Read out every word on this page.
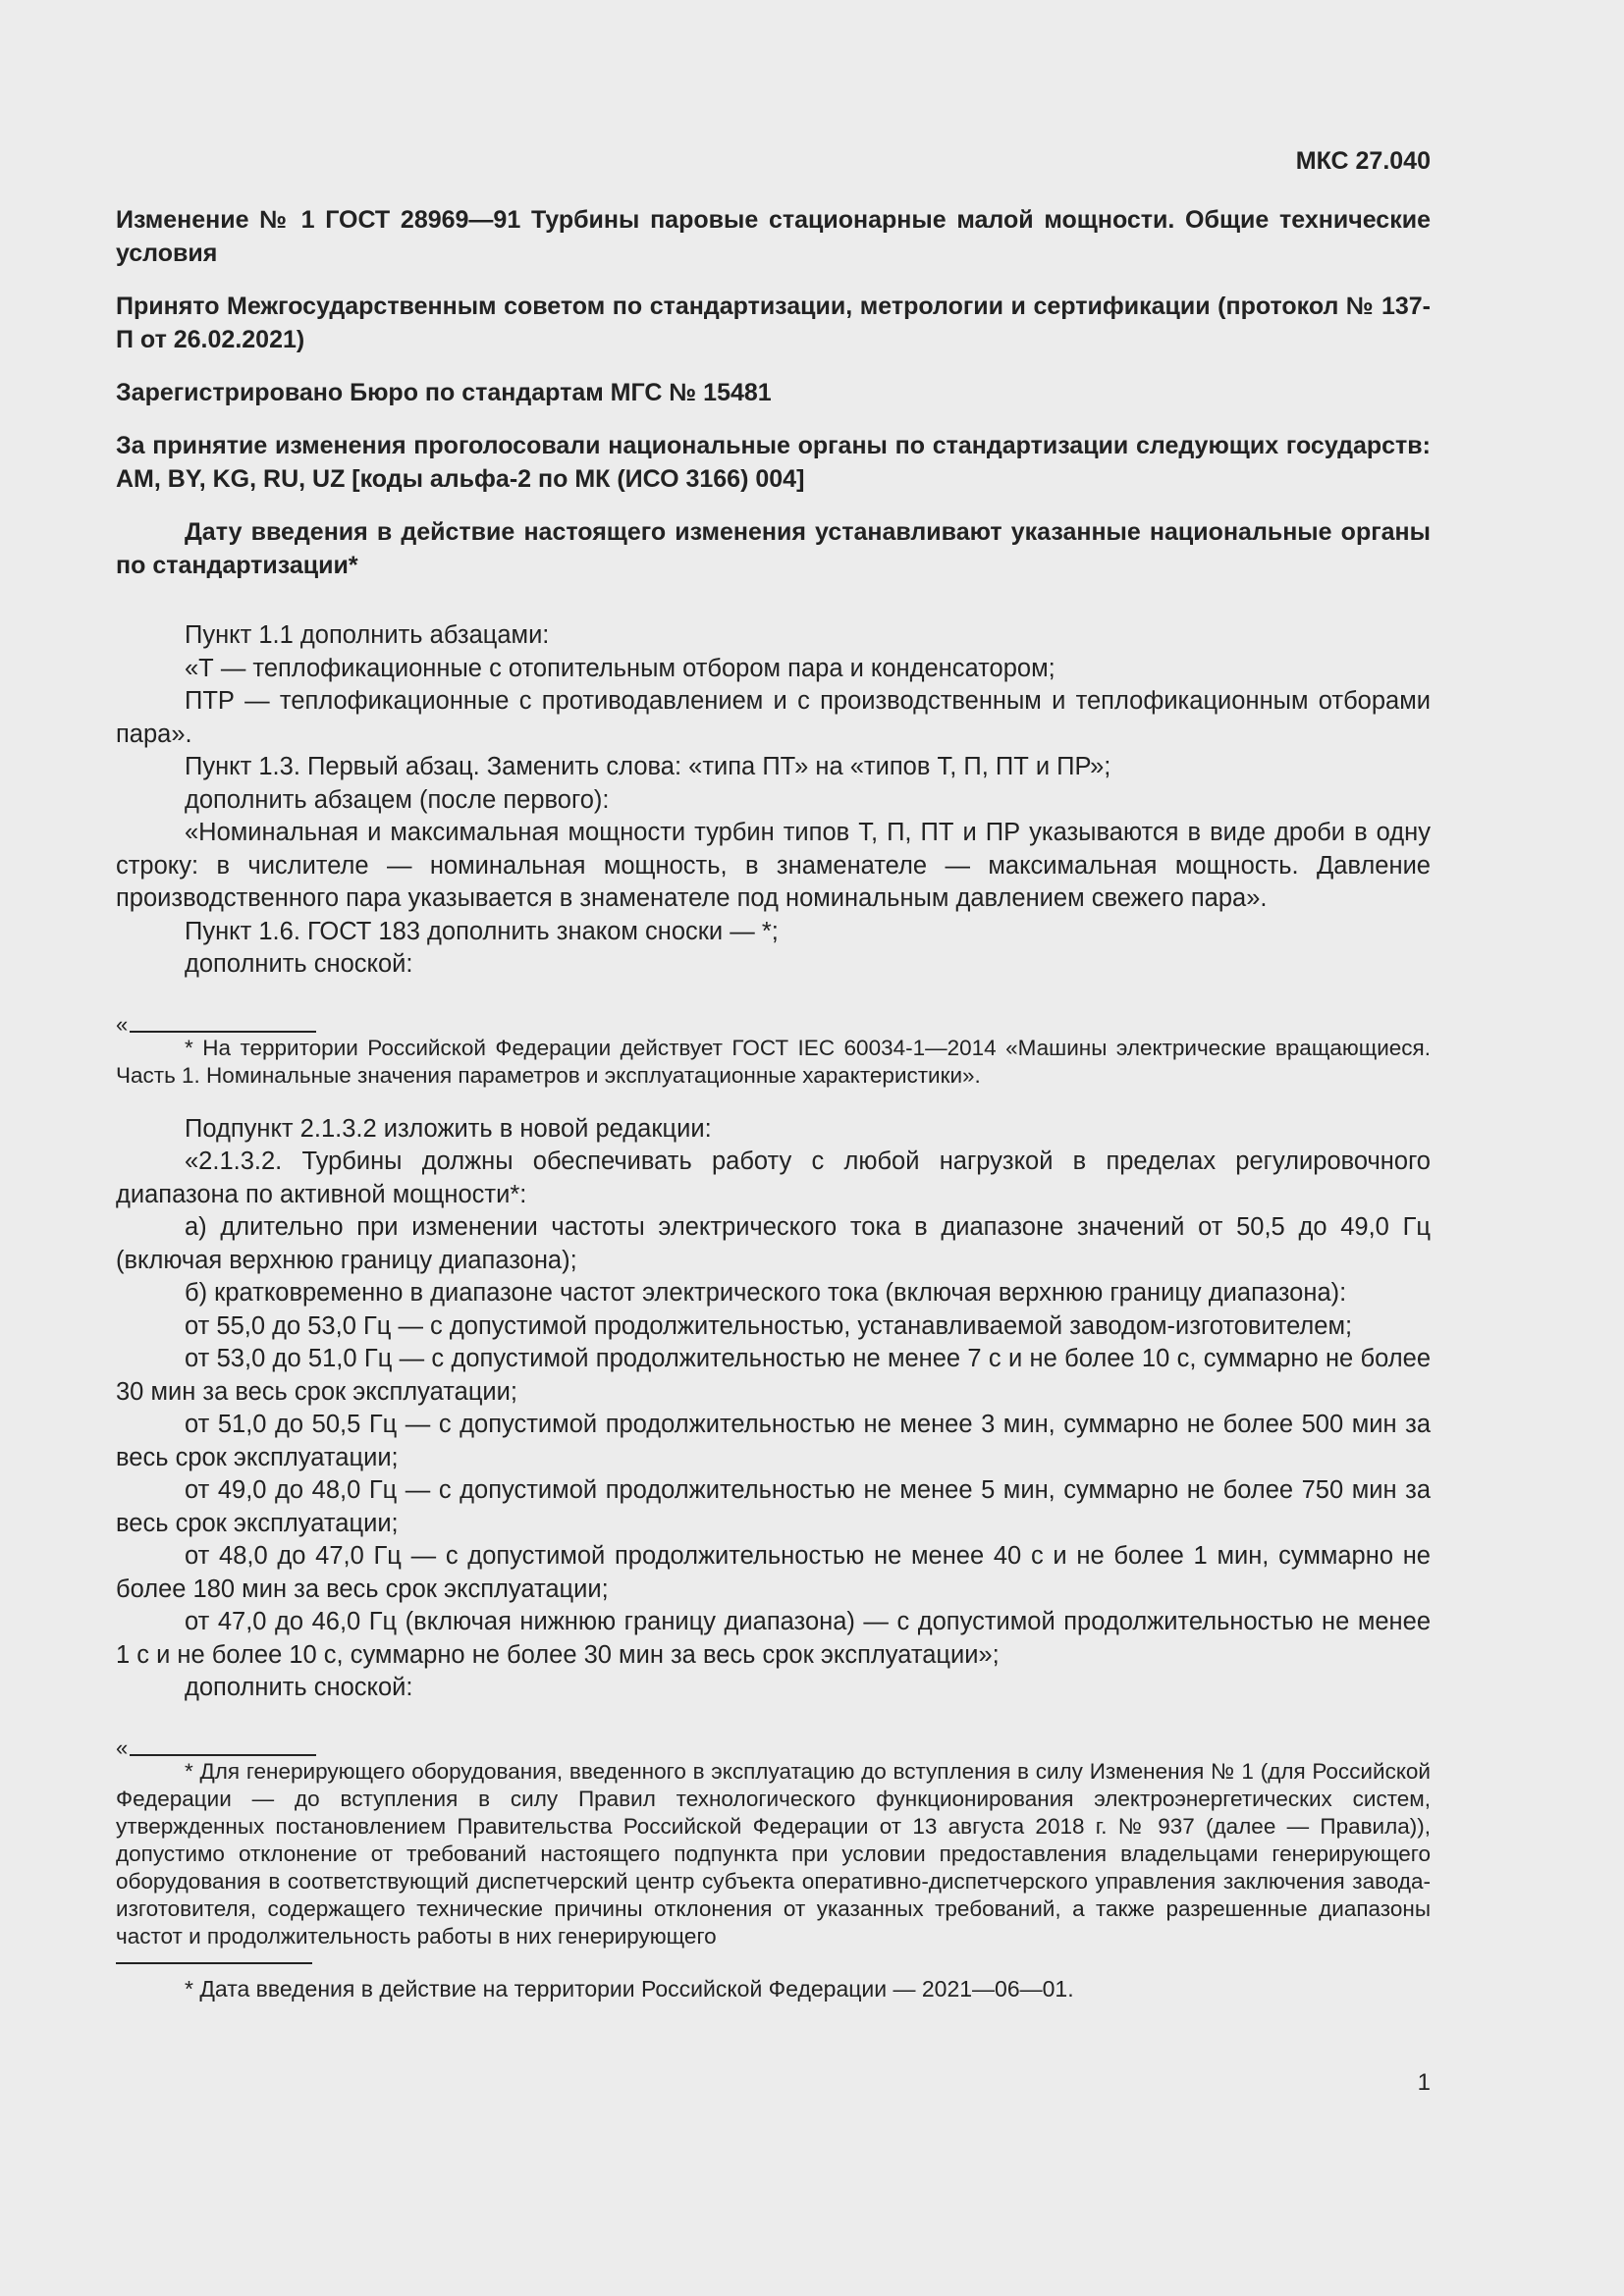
МКС 27.040

Изменение № 1 ГОСТ 28969—91 Турбины паровые стационарные малой мощности. Общие технические условия

Принято Межгосударственным советом по стандартизации, метрологии и сертификации (протокол № 137-П от 26.02.2021)

Зарегистрировано Бюро по стандартам МГС № 15481

За принятие изменения проголосовали национальные органы по стандартизации следующих государств: AM, BY, KG, RU, UZ [коды альфа-2 по МК (ИСО 3166) 004]

Дату введения в действие настоящего изменения устанавливают указанные национальные органы по стандартизации*

Пункт 1.1 дополнить абзацами:

«Т — теплофикационные с отопительным отбором пара и конденсатором;

ПТР — теплофикационные с противодавлением и с производственным и теплофикационным отборами пара».

Пункт 1.3. Первый абзац. Заменить слова: «типа ПТ» на «типов Т, П, ПТ и ПР»;

дополнить абзацем (после первого):

«Номинальная и максимальная мощности турбин типов Т, П, ПТ и ПР указываются в виде дроби в одну строку: в числителе — номинальная мощность, в знаменателе — максимальная мощность. Давление производственного пара указывается в знаменателе под номинальным давлением свежего пара».

Пункт 1.6. ГОСТ 183 дополнить знаком сноски — *;

дополнить сноской:

«

* На территории Российской Федерации действует ГОСТ IEC 60034-1—2014 «Машины электрические вращающиеся. Часть 1. Номинальные значения параметров и эксплуатационные характеристики».

Подпункт 2.1.3.2 изложить в новой редакции:

«2.1.3.2. Турбины должны обеспечивать работу с любой нагрузкой в пределах регулировочного диапазона по активной мощности*:

а) длительно при изменении частоты электрического тока в диапазоне значений от 50,5 до 49,0 Гц (включая верхнюю границу диапазона);

б) кратковременно в диапазоне частот электрического тока (включая верхнюю границу диапазона):

от 55,0 до 53,0 Гц — с допустимой продолжительностью, устанавливаемой заводом-изготовителем;

от 53,0 до 51,0 Гц — с допустимой продолжительностью не менее 7 с и не более 10 с, суммарно не более 30 мин за весь срок эксплуатации;

от 51,0 до 50,5 Гц — с допустимой продолжительностью не менее 3 мин, суммарно не более 500 мин за весь срок эксплуатации;

от 49,0 до 48,0 Гц — с допустимой продолжительностью не менее 5 мин, суммарно не более 750 мин за весь срок эксплуатации;

от 48,0 до 47,0 Гц — с допустимой продолжительностью не менее 40 с и не более 1 мин, суммарно не более 180 мин за весь срок эксплуатации;

от 47,0 до 46,0 Гц (включая нижнюю границу диапазона) — с допустимой продолжительностью не менее 1 с и не более 10 с, суммарно не более 30 мин за весь срок эксплуатации»;

дополнить сноской:

«

* Для генерирующего оборудования, введенного в эксплуатацию до вступления в силу Изменения № 1 (для Российской Федерации — до вступления в силу Правил технологического функционирования электроэнергетических систем, утвержденных постановлением Правительства Российской Федерации от 13 августа 2018 г. № 937 (далее — Правила)), допустимо отклонение от требований настоящего подпункта при условии предоставления владельцами генерирующего оборудования в соответствующий диспетчерский центр субъекта оперативно-диспетчерского управления заключения завода-изготовителя, содержащего технические причины отклонения от указанных требований, а также разрешенные диапазоны частот и продолжительность работы в них генерирующего

* Дата введения в действие на территории Российской Федерации — 2021—06—01.

1
